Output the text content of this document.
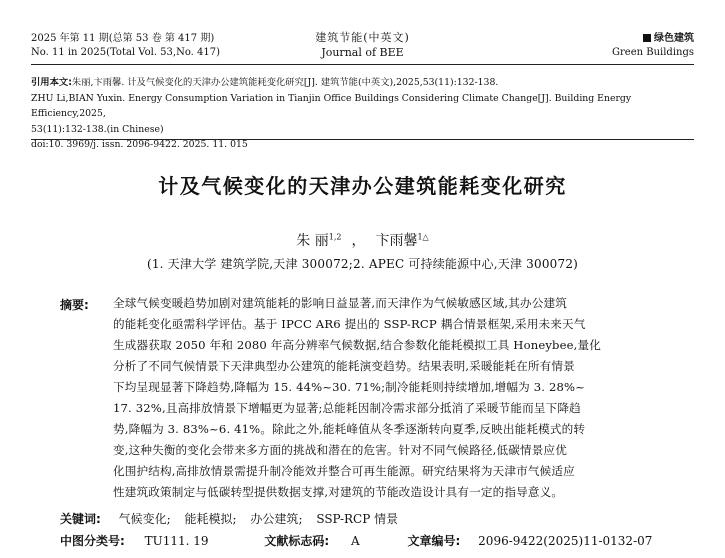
2025 年第 11 期(总第 53 卷 第 417 期)
No. 11 in 2025(Total Vol. 53,No. 417)
建筑节能(中英文)
Journal of BEE
绿色建筑
Green Buildings
引用本文:朱丽,卞雨馨. 计及气候变化的天津办公建筑能耗变化研究[J]. 建筑节能(中英文),2025,53(11):132-138.
ZHU Li,BIAN Yuxin. Energy Consumption Variation in Tianjin Office Buildings Considering Climate Change[J]. Building Energy Efficiency,2025,
53(11):132-138.(in Chinese)
doi:10. 3969/j. issn. 2096-9422. 2025. 11. 015
计及气候变化的天津办公建筑能耗变化研究
朱 丽$^{1,2}$ ， 卞雨馨$^{1\triangle}$
(1. 天津大学 建筑学院,天津 300072;2. APEC 可持续能源中心,天津 300072)
摘要: 全球气候变暖趋势加剧对建筑能耗的影响日益显著,而天津作为气候敏感区域,其办公建筑
的能耗变化亟需科学评估。基于 IPCC AR6 提出的 SSP-RCP 耦合情景框架,采用未来天气
生成器获取 2050 年和 2080 年高分辨率气候数据,结合参数化能耗模拟工具 Honeybee,量化
分析了不同气候情景下天津典型办公建筑的能耗演变趋势。结果表明,采暖能耗在所有情景
下均呈现显著下降趋势,降幅为 15. 44%~30. 71%;制冷能耗则持续增加,增幅为 3. 28%~
17. 32%,且高排放情景下增幅更为显著;总能耗因制冷需求部分抵消了采暖节能而呈下降趋
势,降幅为 3. 83%~6. 41%。除此之外,能耗峰值从冬季逐渐转向夏季,反映出能耗模式的转
变,这种失衡的变化会带来多方面的挑战和潜在的危害。针对不同气候路径,低碳情景应优
化围护结构,高排放情景需提升制冷能效并整合可再生能源。研究结果将为天津市气候适应
性建筑政策制定与低碳转型提供数据支撑,对建筑的节能改造设计具有一定的指导意义。
关键词: 气候变化; 能耗模拟; 办公建筑; SSP-RCP 情景
中图分类号: TU111. 19	文献标志码: A	文章编号: 2096-9422(2025)11-0132-07
